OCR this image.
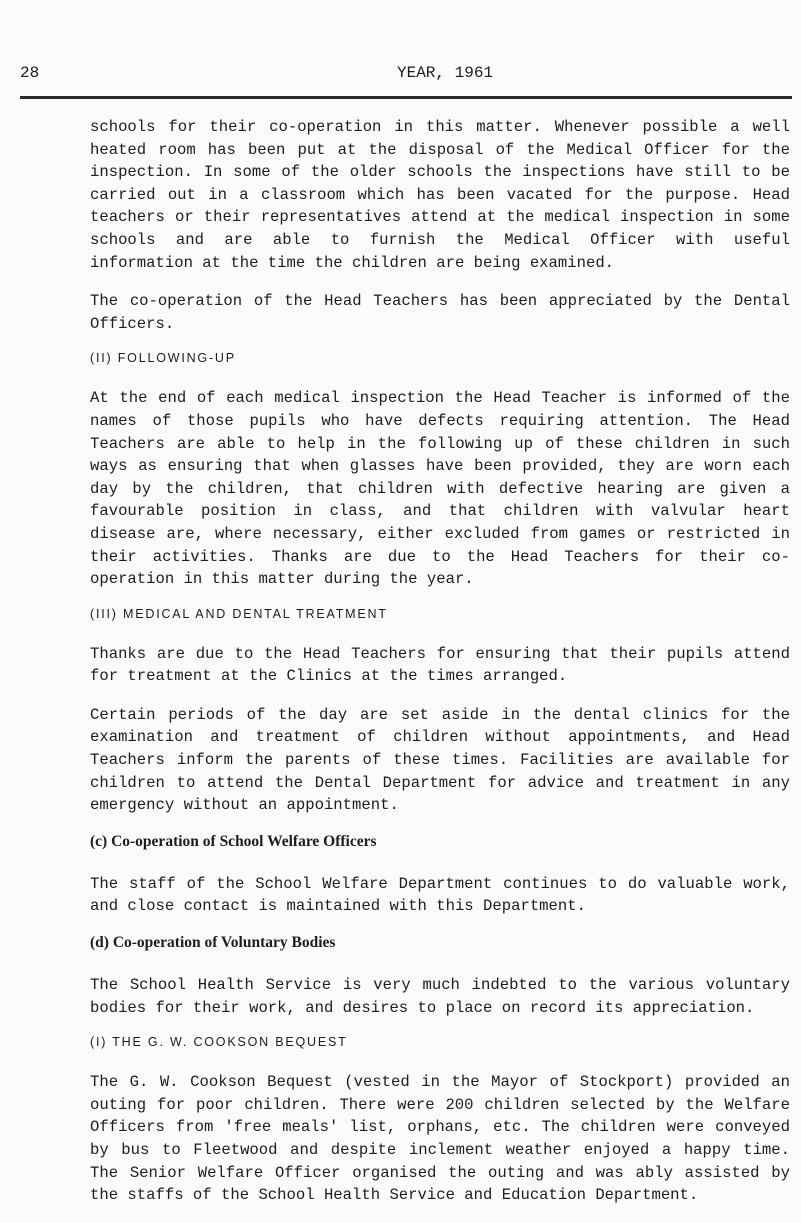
28	YEAR, 1961

schools for their co-operation in this matter. Whenever possible a well heated room has been put at the disposal of the Medical Officer for the inspection. In some of the older schools the inspections have still to be carried out in a classroom which has been vacated for the purpose. Head teachers or their representatives attend at the medical inspection in some schools and are able to furnish the Medical Officer with useful information at the time the children are being examined.

The co-operation of the Head Teachers has been appreciated by the Dental Officers.

(II) FOLLOWING-UP

At the end of each medical inspection the Head Teacher is informed of the names of those pupils who have defects requiring attention. The Head Teachers are able to help in the following up of these children in such ways as ensuring that when glasses have been provided, they are worn each day by the children, that children with defective hearing are given a favourable position in class, and that children with valvular heart disease are, where necessary, either excluded from games or restricted in their activities. Thanks are due to the Head Teachers for their co-operation in this matter during the year.

(III) MEDICAL AND DENTAL TREATMENT

Thanks are due to the Head Teachers for ensuring that their pupils attend for treatment at the Clinics at the times arranged.

Certain periods of the day are set aside in the dental clinics for the examination and treatment of children without appointments, and Head Teachers inform the parents of these times. Facilities are available for children to attend the Dental Department for advice and treatment in any emergency without an appointment.

(c) Co-operation of School Welfare Officers

The staff of the School Welfare Department continues to do valuable work, and close contact is maintained with this Department.

(d) Co-operation of Voluntary Bodies

The School Health Service is very much indebted to the various voluntary bodies for their work, and desires to place on record its appreciation.

(I) THE G. W. COOKSON BEQUEST

The G. W. Cookson Bequest (vested in the Mayor of Stockport) provided an outing for poor children. There were 200 children selected by the Welfare Officers from 'free meals' list, orphans, etc. The children were conveyed by bus to Fleetwood and despite inclement weather enjoyed a happy time. The Senior Welfare Officer organised the outing and was ably assisted by the staffs of the School Health Service and Education Department.
